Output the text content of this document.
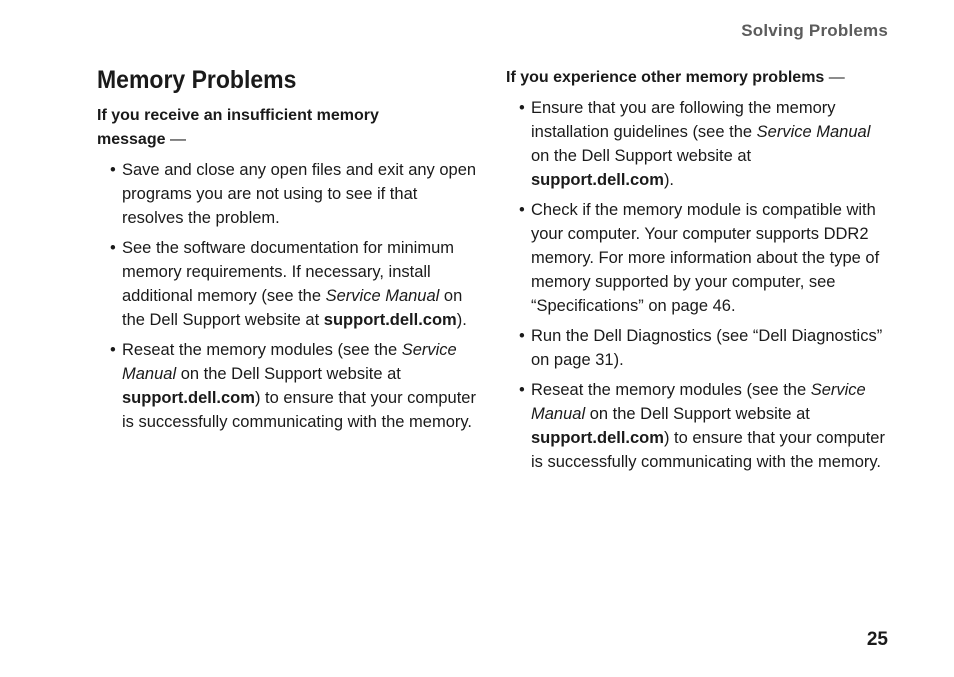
Solving Problems
Memory Problems

If you receive an insufficient memory message —

• Save and close any open files and exit any open programs you are not using to see if that resolves the problem.
• See the software documentation for minimum memory requirements. If necessary, install additional memory (see the Service Manual on the Dell Support website at support.dell.com).
• Reseat the memory modules (see the Service Manual on the Dell Support website at support.dell.com) to ensure that your computer is successfully communicating with the memory.

If you experience other memory problems —

• Ensure that you are following the memory installation guidelines (see the Service Manual on the Dell Support website at support.dell.com).
• Check if the memory module is compatible with your computer. Your computer supports DDR2 memory. For more information about the type of memory supported by your computer, see “Specifications” on page 46.
• Run the Dell Diagnostics (see “Dell Diagnostics” on page 31).
• Reseat the memory modules (see the Service Manual on the Dell Support website at support.dell.com) to ensure that your computer is successfully communicating with the memory.
25
